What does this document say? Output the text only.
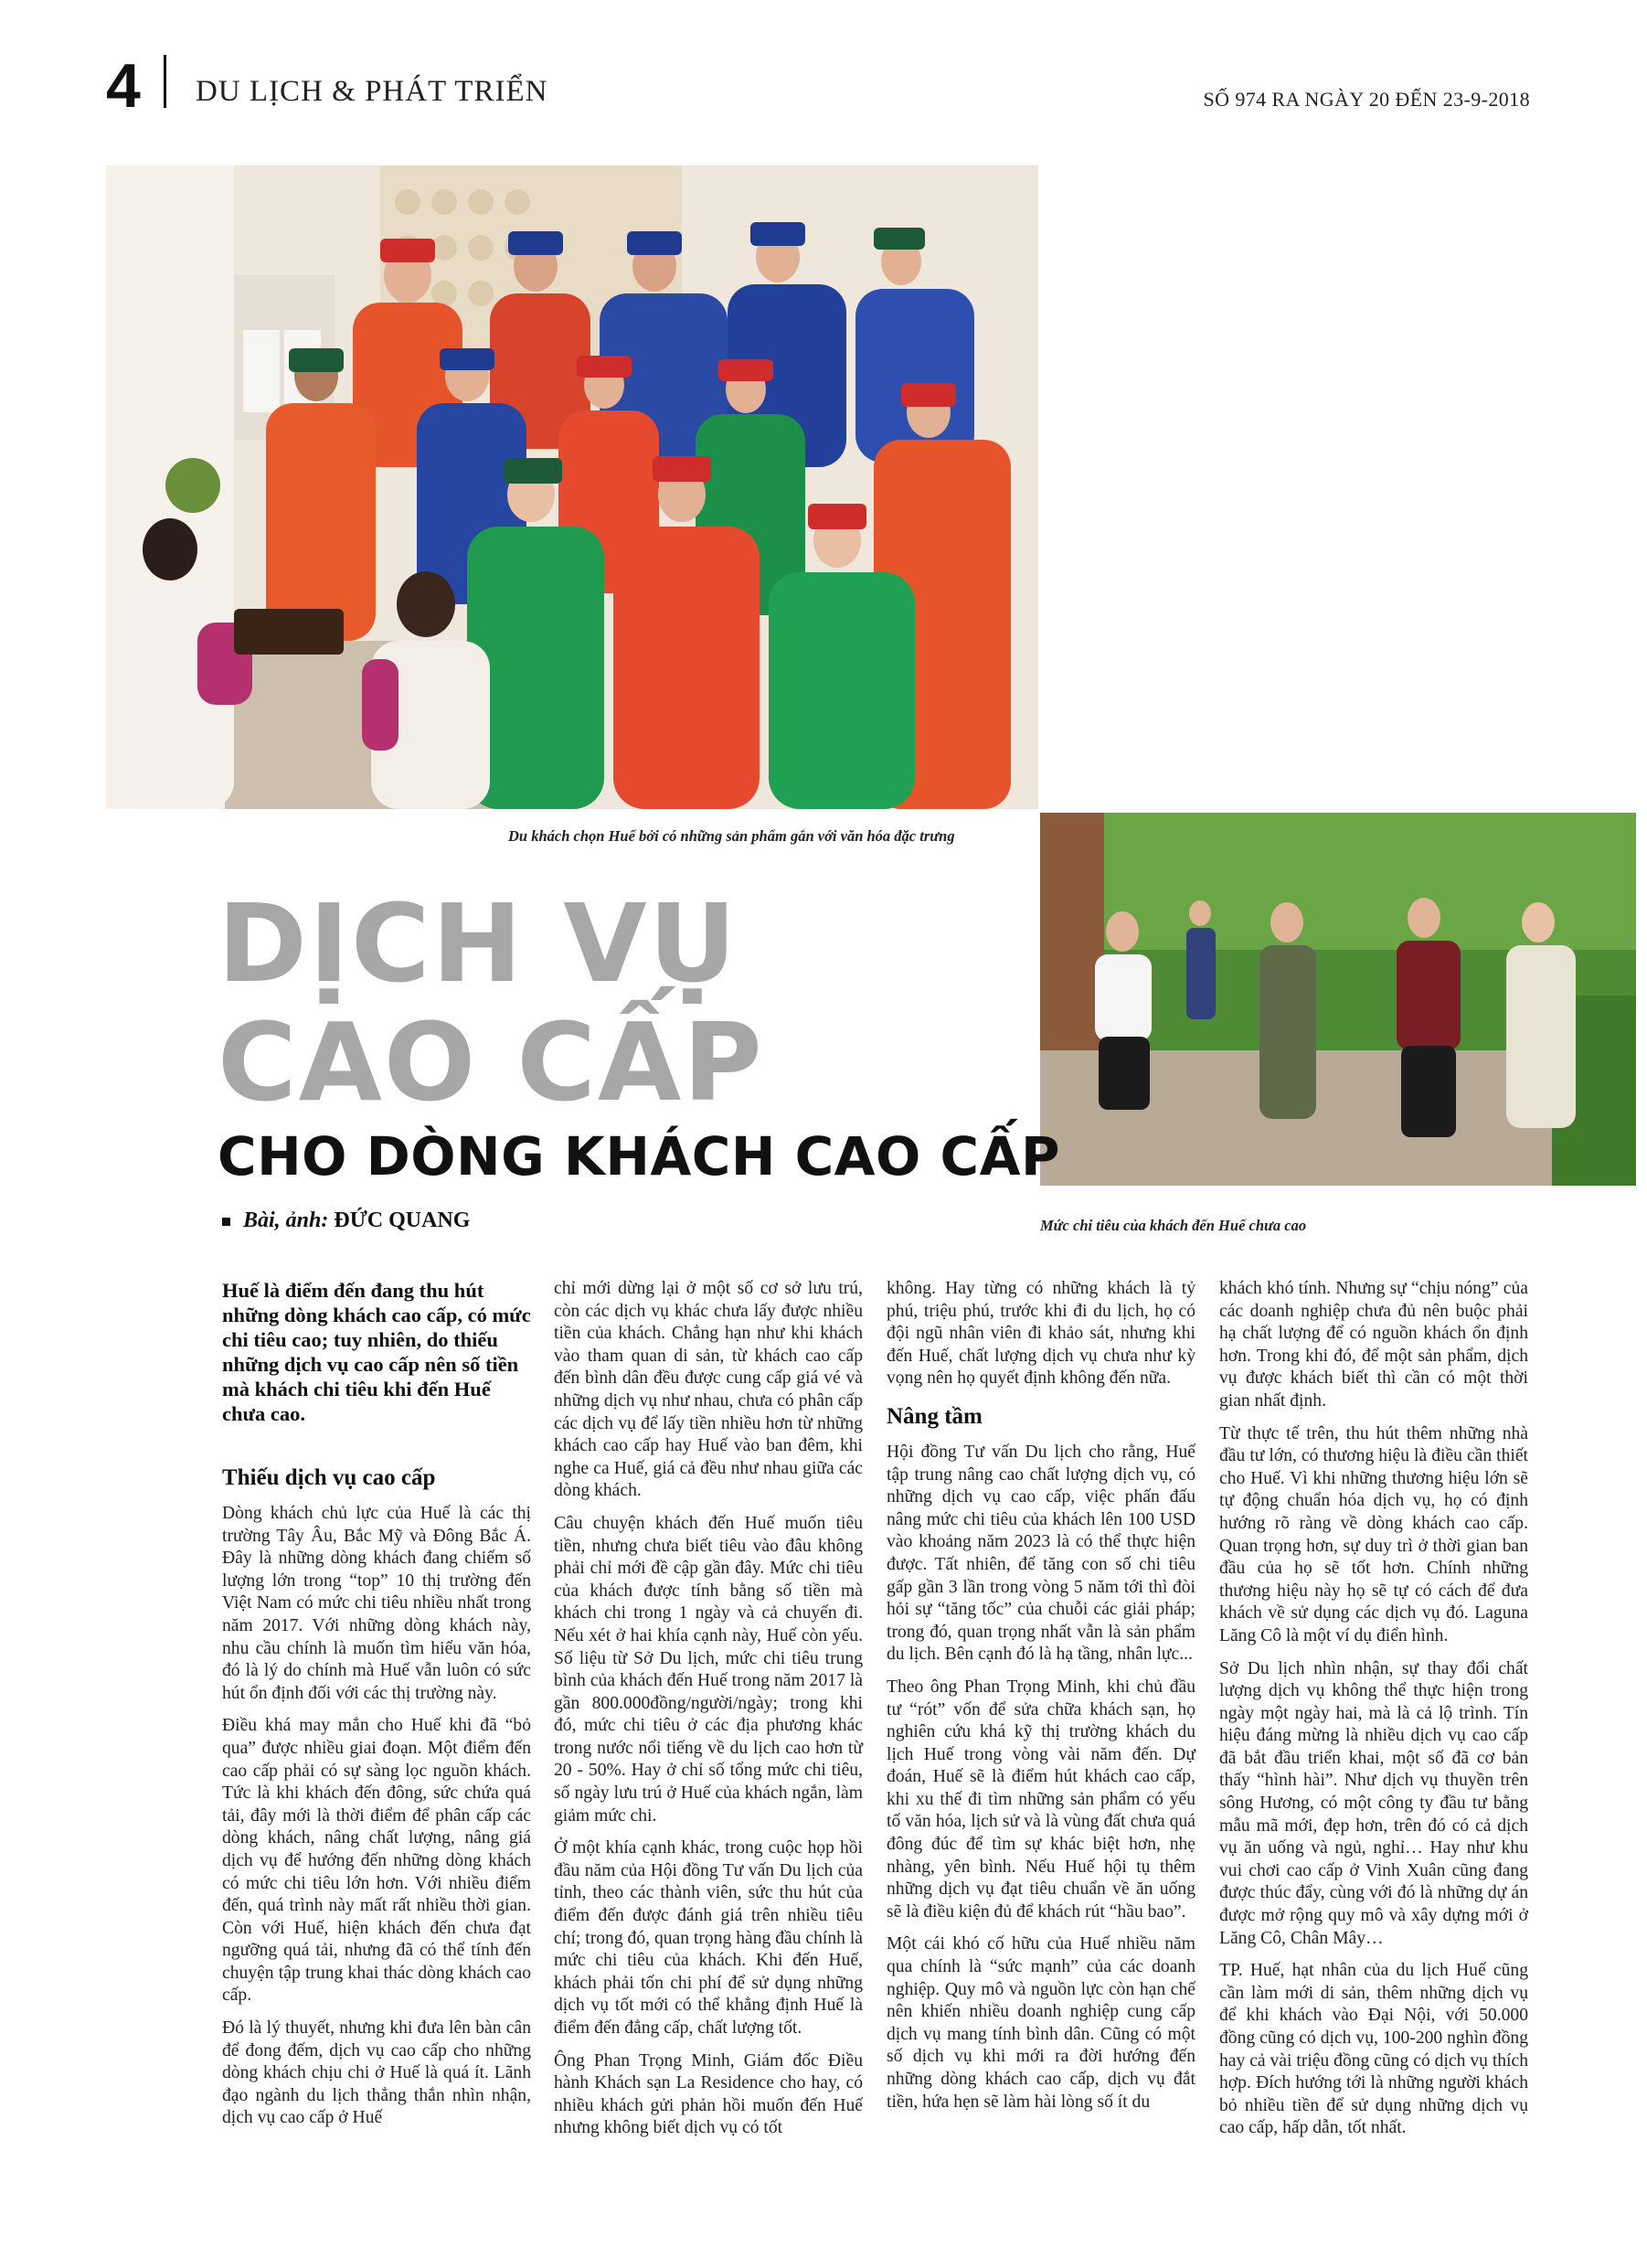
4 DU LỊCH & PHÁT TRIỂN	SỐ 974 RA NGÀY 20 ĐẾN 23-9-2018
Du khách chọn Huế bởi có những sản phẩm gắn với văn hóa đặc trưng
Mức chi tiêu của khách đến Huế chưa cao
DỊCH VỤ
CAO CẤP
CHO DÒNG KHÁCH CAO CẤP
Bài, ảnh: ĐỨC QUANG

Huế là điểm đến đang thu hút những dòng khách cao cấp, có mức chi tiêu cao; tuy nhiên, do thiếu những dịch vụ cao cấp nên số tiền mà khách chi tiêu khi đến Huế chưa cao.

Thiếu dịch vụ cao cấp

Dòng khách chủ lực của Huế là các thị trường Tây Âu, Bắc Mỹ và Đông Bắc Á. Đây là những dòng khách đang chiếm số lượng lớn trong “top” 10 thị trường đến Việt Nam có mức chi tiêu nhiều nhất trong năm 2017. Với những dòng khách này, nhu cầu chính là muốn tìm hiểu văn hóa, đó là lý do chính mà Huế vẫn luôn có sức hút ổn định đối với các thị trường này.

Điều khá may mắn cho Huế khi đã “bỏ qua” được nhiều giai đoạn. Một điểm đến cao cấp phải có sự sàng lọc nguồn khách. Tức là khi khách đến đông, sức chứa quá tải, đây mới là thời điểm để phân cấp các dòng khách, nâng chất lượng, nâng giá dịch vụ để hướng đến những dòng khách có mức chi tiêu lớn hơn. Với nhiều điểm đến, quá trình này mất rất nhiều thời gian. Còn với Huế, hiện khách đến chưa đạt ngưỡng quá tải, nhưng đã có thể tính đến chuyện tập trung khai thác dòng khách cao cấp.

Đó là lý thuyết, nhưng khi đưa lên bàn cân để đong đếm, dịch vụ cao cấp cho những dòng khách chịu chi ở Huế là quá ít. Lãnh đạo ngành du lịch thẳng thắn nhìn nhận, dịch vụ cao cấp ở Huế

chỉ mới dừng lại ở một số cơ sở lưu trú, còn các dịch vụ khác chưa lấy được nhiều tiền của khách. Chẳng hạn như khi khách vào tham quan di sản, từ khách cao cấp đến bình dân đều được cung cấp giá vé và những dịch vụ như nhau, chưa có phân cấp các dịch vụ để lấy tiền nhiều hơn từ những khách cao cấp hay Huế vào ban đêm, khi nghe ca Huế, giá cả đều như nhau giữa các dòng khách.

Câu chuyện khách đến Huế muốn tiêu tiền, nhưng chưa biết tiêu vào đâu không phải chỉ mới đề cập gần đây. Mức chi tiêu của khách được tính bằng số tiền mà khách chi trong 1 ngày và cả chuyến đi. Nếu xét ở hai khía cạnh này, Huế còn yếu. Số liệu từ Sở Du lịch, mức chi tiêu trung bình của khách đến Huế trong năm 2017 là gần 800.000đồng/người/ngày; trong khi đó, mức chi tiêu ở các địa phương khác trong nước nổi tiếng về du lịch cao hơn từ 20 - 50%. Hay ở chỉ số tổng mức chi tiêu, số ngày lưu trú ở Huế của khách ngắn, làm giảm mức chi.

Ở một khía cạnh khác, trong cuộc họp hồi đầu năm của Hội đồng Tư vấn Du lịch của tỉnh, theo các thành viên, sức thu hút của điểm đến được đánh giá trên nhiều tiêu chí; trong đó, quan trọng hàng đầu chính là mức chi tiêu của khách. Khi đến Huế, khách phải tốn chi phí để sử dụng những dịch vụ tốt mới có thể khẳng định Huế là điểm đến đẳng cấp, chất lượng tốt.

Ông Phan Trọng Minh, Giám đốc Điều hành Khách sạn La Residence cho hay, có nhiều khách gửi phản hồi muốn đến Huế nhưng không biết dịch vụ có tốt

không. Hay từng có những khách là tỷ phú, triệu phú, trước khi đi du lịch, họ có đội ngũ nhân viên đi khảo sát, nhưng khi đến Huế, chất lượng dịch vụ chưa như kỳ vọng nên họ quyết định không đến nữa.

Nâng tầm

Hội đồng Tư vấn Du lịch cho rằng, Huế tập trung nâng cao chất lượng dịch vụ, có những dịch vụ cao cấp, việc phấn đấu nâng mức chi tiêu của khách lên 100 USD vào khoảng năm 2023 là có thể thực hiện được. Tất nhiên, để tăng con số chi tiêu gấp gần 3 lần trong vòng 5 năm tới thì đòi hỏi sự “tăng tốc” của chuỗi các giải pháp; trong đó, quan trọng nhất vẫn là sản phẩm du lịch. Bên cạnh đó là hạ tầng, nhân lực...

Theo ông Phan Trọng Minh, khi chủ đầu tư “rót” vốn để sửa chữa khách sạn, họ nghiên cứu khá kỹ thị trường khách du lịch Huế trong vòng vài năm đến. Dự đoán, Huế sẽ là điểm hút khách cao cấp, khi xu thế đi tìm những sản phẩm có yếu tố văn hóa, lịch sử và là vùng đất chưa quá đông đúc để tìm sự khác biệt hơn, nhẹ nhàng, yên bình. Nếu Huế hội tụ thêm những dịch vụ đạt tiêu chuẩn về ăn uống sẽ là điều kiện đủ để khách rút “hầu bao”.

Một cái khó cố hữu của Huế nhiều năm qua chính là “sức mạnh” của các doanh nghiệp. Quy mô và nguồn lực còn hạn chế nên khiến nhiều doanh nghiệp cung cấp dịch vụ mang tính bình dân. Cũng có một số dịch vụ khi mới ra đời hướng đến những dòng khách cao cấp, dịch vụ đắt tiền, hứa hẹn sẽ làm hài lòng số ít du

khách khó tính. Nhưng sự “chịu nóng” của các doanh nghiệp chưa đủ nên buộc phải hạ chất lượng để có nguồn khách ổn định hơn. Trong khi đó, để một sản phẩm, dịch vụ được khách biết thì cần có một thời gian nhất định.

Từ thực tế trên, thu hút thêm những nhà đầu tư lớn, có thương hiệu là điều cần thiết cho Huế. Vì khi những thương hiệu lớn sẽ tự động chuẩn hóa dịch vụ, họ có định hướng rõ ràng về dòng khách cao cấp. Quan trọng hơn, sự duy trì ở thời gian ban đầu của họ sẽ tốt hơn. Chính những thương hiệu này họ sẽ tự có cách để đưa khách về sử dụng các dịch vụ đó. Laguna Lăng Cô là một ví dụ điển hình.

Sở Du lịch nhìn nhận, sự thay đổi chất lượng dịch vụ không thể thực hiện trong ngày một ngày hai, mà là cả lộ trình. Tín hiệu đáng mừng là nhiều dịch vụ cao cấp đã bắt đầu triển khai, một số đã cơ bản thấy “hình hài”. Như dịch vụ thuyền trên sông Hương, có một công ty đầu tư bằng mẫu mã mới, đẹp hơn, trên đó có cả dịch vụ ăn uống và ngủ, nghỉ… Hay như khu vui chơi cao cấp ở Vinh Xuân cũng đang được thúc đẩy, cùng với đó là những dự án được mở rộng quy mô và xây dựng mới ở Lăng Cô, Chân Mây…

TP. Huế, hạt nhân của du lịch Huế cũng cần làm mới di sản, thêm những dịch vụ để khi khách vào Đại Nội, với 50.000 đồng cũng có dịch vụ, 100-200 nghìn đồng hay cả vài triệu đồng cũng có dịch vụ thích hợp. Đích hướng tới là những người khách bỏ nhiều tiền để sử dụng những dịch vụ cao cấp, hấp dẫn, tốt nhất.
